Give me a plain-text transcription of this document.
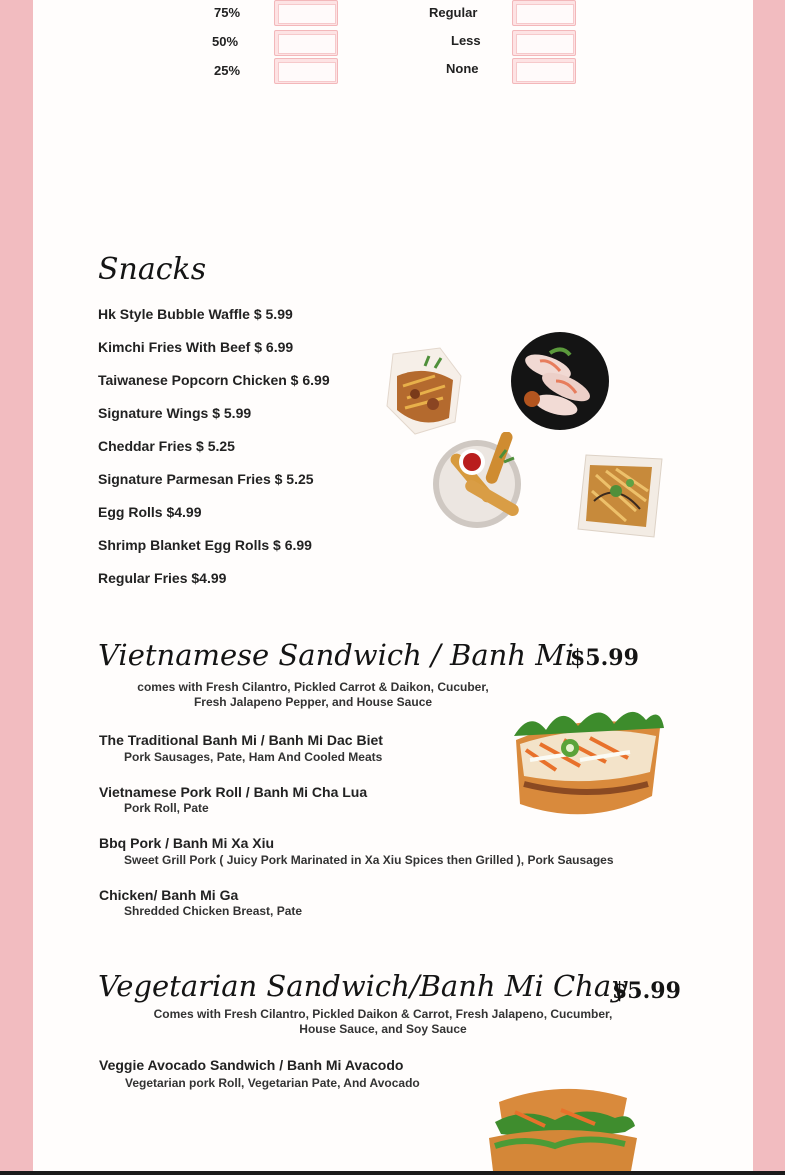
75%
50%
25%
Regular
Less
None
Snacks
Hk Style Bubble Waffle $ 5.99
Kimchi Fries With Beef $ 6.99
Taiwanese Popcorn Chicken $ 6.99
Signature Wings $ 5.99
Cheddar Fries $ 5.25
Signature Parmesan Fries $ 5.25
Egg Rolls $4.99
Shrimp Blanket Egg Rolls $ 6.99
Regular Fries $4.99
Vietnamese Sandwich / Banh Mi
$5.99
comes with Fresh Cilantro, Pickled Carrot & Daikon, Cucuber,
Fresh Jalapeno Pepper, and House Sauce
The Traditional Banh Mi / Banh Mi Dac Biet
Pork Sausages, Pate, Ham And Cooled Meats
Vietnamese Pork Roll / Banh Mi Cha Lua
Pork Roll, Pate
Bbq Pork / Banh Mi Xa Xiu
Sweet Grill Pork ( Juicy Pork Marinated in Xa Xiu Spices then Grilled ), Pork Sausages
Chicken/ Banh Mi Ga
Shredded Chicken Breast, Pate
Vegetarian Sandwich/Banh Mi Chay
$5.99
Comes with Fresh Cilantro, Pickled Daikon & Carrot, Fresh Jalapeno, Cucumber,
House Sauce, and Soy Sauce
Veggie Avocado Sandwich / Banh Mi Avacodo
Vegetarian pork Roll, Vegetarian Pate, And Avocado
